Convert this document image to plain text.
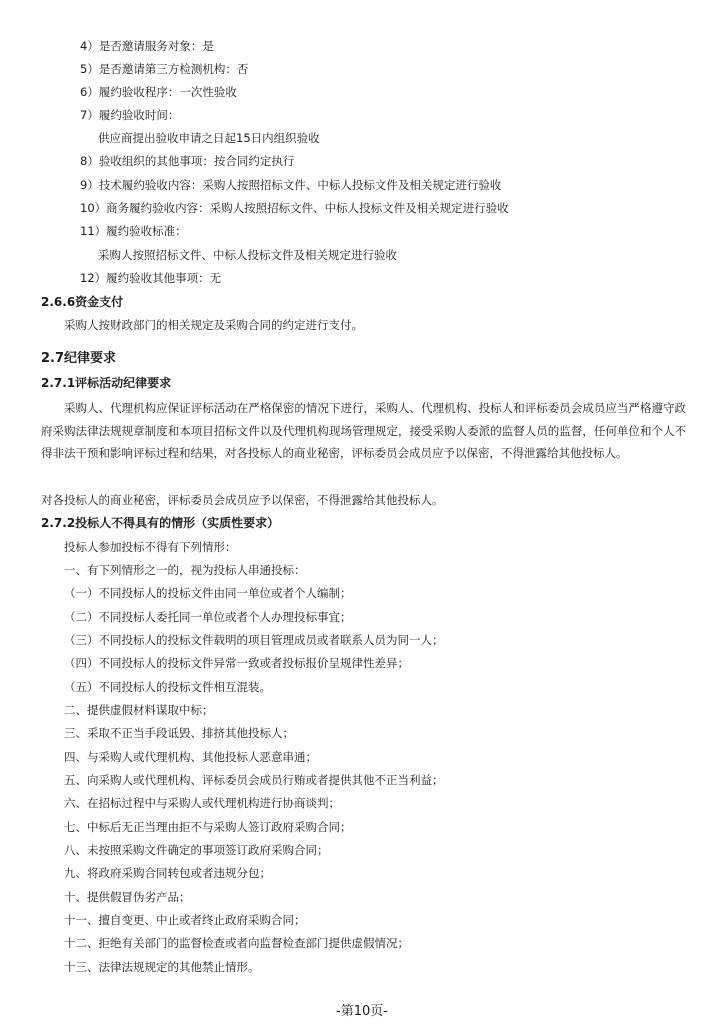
4）是否邀请服务对象：是
5）是否邀请第三方检测机构：否
6）履约验收程序：一次性验收
7）履约验收时间：
供应商提出验收申请之日起15日内组织验收
8）验收组织的其他事项：按合同约定执行
9）技术履约验收内容：采购人按照招标文件、中标人投标文件及相关规定进行验收
10）商务履约验收内容：采购人按照招标文件、中标人投标文件及相关规定进行验收
11）履约验收标准：
采购人按照招标文件、中标人投标文件及相关规定进行验收
12）履约验收其他事项：无
2.6.6资金支付
采购人按财政部门的相关规定及采购合同的约定进行支付。
2.7纪律要求
2.7.1评标活动纪律要求
采购人、代理机构应保证评标活动在严格保密的情况下进行，采购人、代理机构、投标人和评标委员会成员应当严格遵守政府采购法律法规规章制度和本项目招标文件以及代理机构现场管理规定，接受采购人委派的监督人员的监督，任何单位和个人不得非法干预和影响评标过程和结果，对各投标人的商业秘密，评标委员会成员应予以保密，不得泄露给其他投标人。
对各投标人的商业秘密，评标委员会成员应予以保密，不得泄露给其他投标人。
2.7.2投标人不得具有的情形（实质性要求）
投标人参加投标不得有下列情形：
一、有下列情形之一的，视为投标人串通投标：
（一）不同投标人的投标文件由同一单位或者个人编制；
（二）不同投标人委托同一单位或者个人办理投标事宜；
（三）不同投标人的投标文件载明的项目管理成员或者联系人员为同一人；
（四）不同投标人的投标文件异常一致或者投标报价呈规律性差异；
（五）不同投标人的投标文件相互混装。
二、提供虚假材料谋取中标；
三、采取不正当手段诋毁、排挤其他投标人；
四、与采购人或代理机构、其他投标人恶意串通；
五、向采购人或代理机构、评标委员会成员行贿或者提供其他不正当利益；
六、在招标过程中与采购人或代理机构进行协商谈判；
七、中标后无正当理由拒不与采购人签订政府采购合同；
八、未按照采购文件确定的事项签订政府采购合同；
九、将政府采购合同转包或者违规分包；
十、提供假冒伪劣产品；
十一、擅自变更、中止或者终止政府采购合同；
十二、拒绝有关部门的监督检查或者向监督检查部门提供虚假情况；
十三、法律法规规定的其他禁止情形。
-第10页-
